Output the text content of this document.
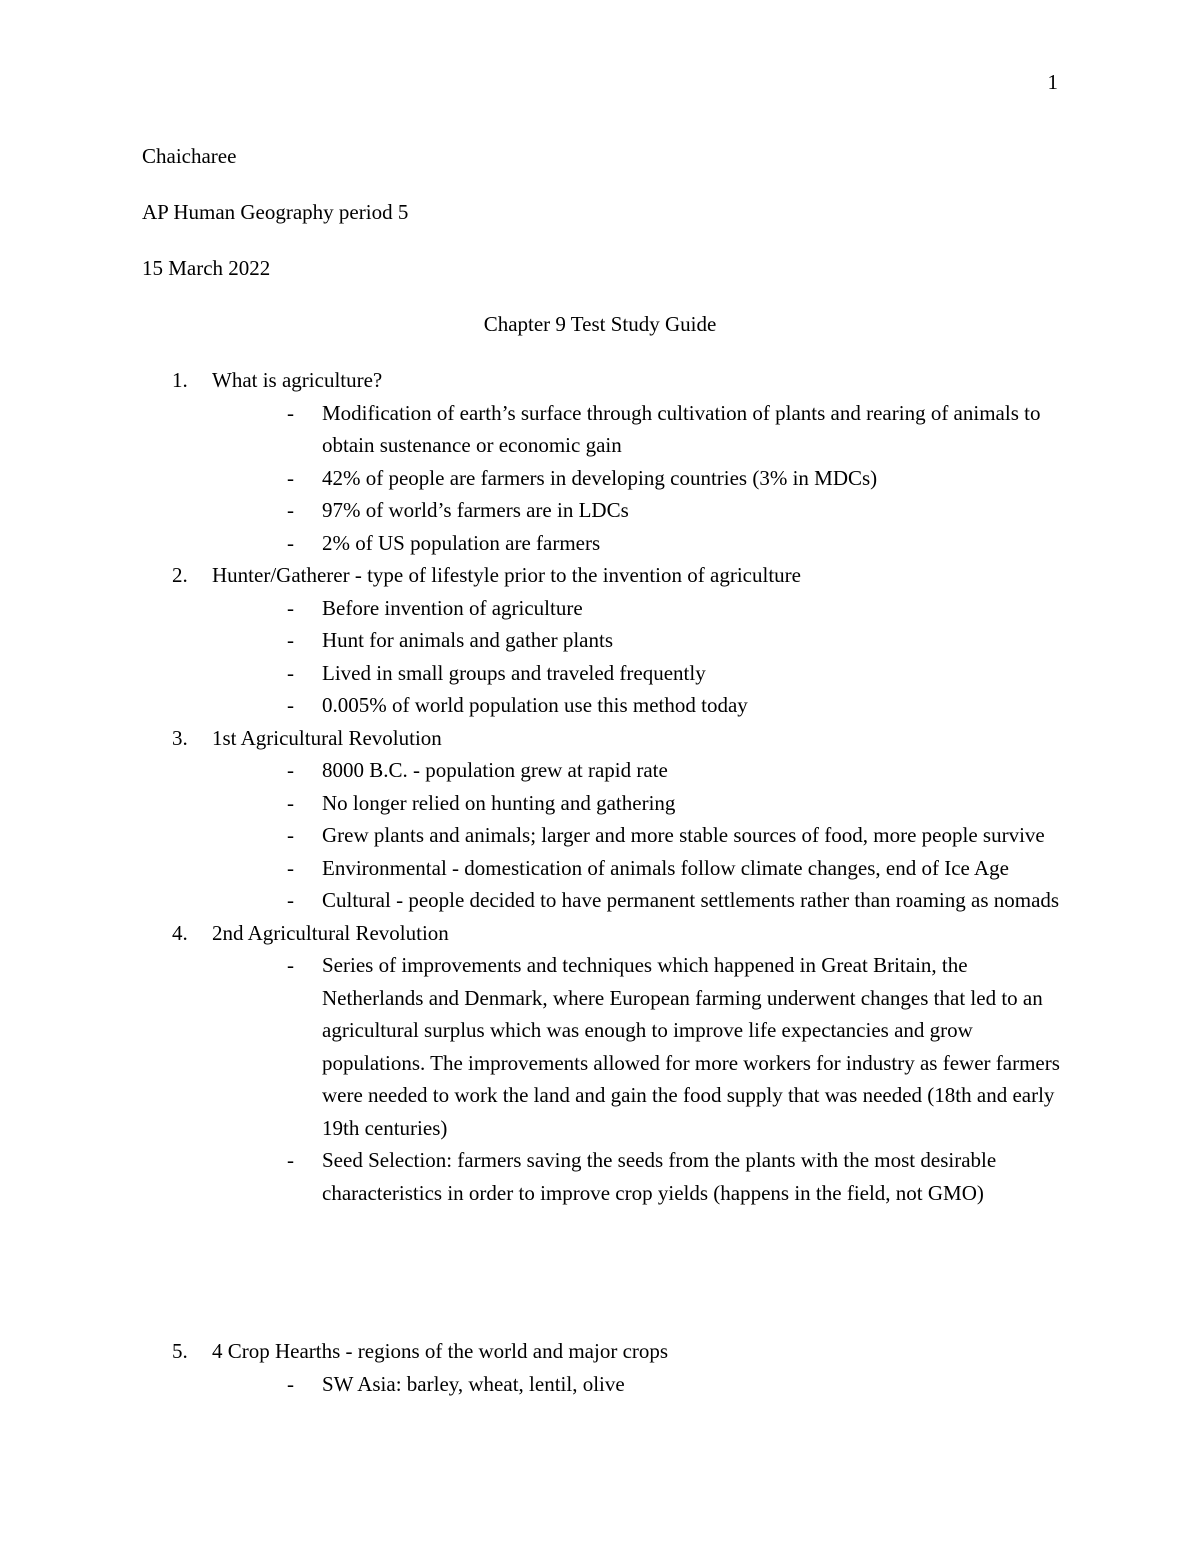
1
Chaicharee
AP Human Geography period 5
15 March 2022
Chapter 9 Test Study Guide
1. What is agriculture?
- Modification of earth’s surface through cultivation of plants and rearing of animals to obtain sustenance or economic gain
- 42% of people are farmers in developing countries (3% in MDCs)
- 97% of world’s farmers are in LDCs
- 2% of US population are farmers
2. Hunter/Gatherer - type of lifestyle prior to the invention of agriculture
- Before invention of agriculture
- Hunt for animals and gather plants
- Lived in small groups and traveled frequently
- 0.005% of world population use this method today
3. 1st Agricultural Revolution
- 8000 B.C. - population grew at rapid rate
- No longer relied on hunting and gathering
- Grew plants and animals; larger and more stable sources of food, more people survive
- Environmental - domestication of animals follow climate changes, end of Ice Age
- Cultural - people decided to have permanent settlements rather than roaming as nomads
4. 2nd Agricultural Revolution
- Series of improvements and techniques which happened in Great Britain, the Netherlands and Denmark, where European farming underwent changes that led to an agricultural surplus which was enough to improve life expectancies and grow populations. The improvements allowed for more workers for industry as fewer farmers were needed to work the land and gain the food supply that was needed (18th and early 19th centuries)
- Seed Selection: farmers saving the seeds from the plants with the most desirable characteristics in order to improve crop yields (happens in the field, not GMO)
5. 4 Crop Hearths - regions of the world and major crops
- SW Asia: barley, wheat, lentil, olive
